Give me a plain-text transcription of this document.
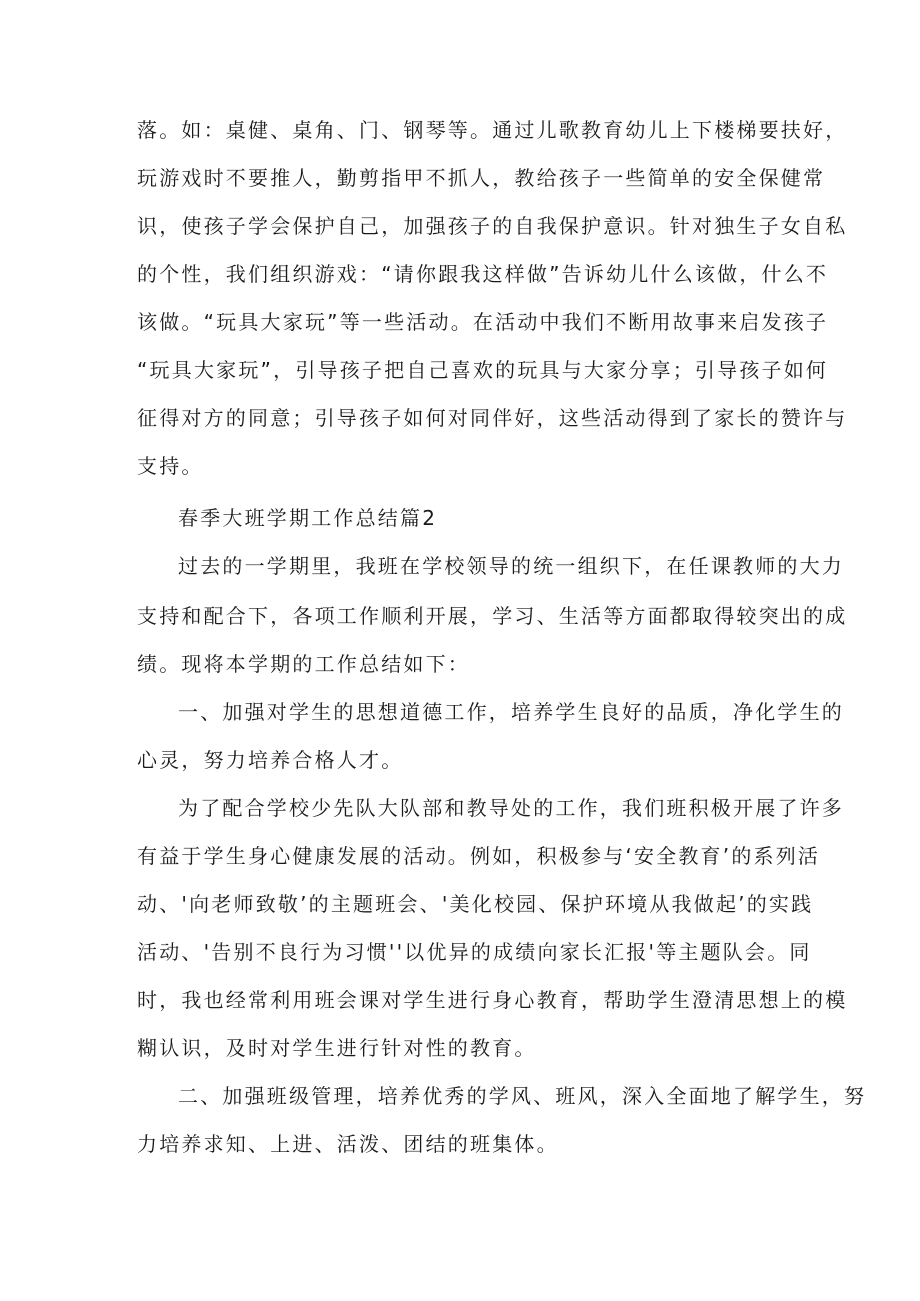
落。如：桌健、桌角、门、钢琴等。通过儿歌教育幼儿上下楼梯要扶好，
玩游戏时不要推人，勤剪指甲不抓人，教给孩子一些简单的安全保健常
识，使孩子学会保护自己，加强孩子的自我保护意识。针对独生子女自私
的个性，我们组织游戏：“请你跟我这样做”告诉幼儿什么该做，什么不
该做。“玩具大家玩”等一些活动。在活动中我们不断用故事来启发孩子
“玩具大家玩”，引导孩子把自己喜欢的玩具与大家分享；引导孩子如何
征得对方的同意；引导孩子如何对同伴好，这些活动得到了家长的赞许与
支持。
春季大班学期工作总结篇2
过去的一学期里，我班在学校领导的统一组织下，在任课教师的大力
支持和配合下，各项工作顺利开展，学习、生活等方面都取得较突出的成
绩。现将本学期的工作总结如下：
一、加强对学生的思想道德工作，培养学生良好的品质，净化学生的
心灵，努力培养合格人才。
为了配合学校少先队大队部和教导处的工作，我们班积极开展了许多
有益于学生身心健康发展的活动。例如，积极参与‘安全教育’的系列活
动、'向老师致敬’的主题班会、'美化校园、保护环境从我做起’的实践
活动、'告别不良行为习惯''以优异的成绩向家长汇报'等主题队会。同
时，我也经常利用班会课对学生进行身心教育，帮助学生澄清思想上的模
糊认识，及时对学生进行针对性的教育。
二、加强班级管理，培养优秀的学风、班风，深入全面地了解学生，努
力培养求知、上进、活泼、团结的班集体。
